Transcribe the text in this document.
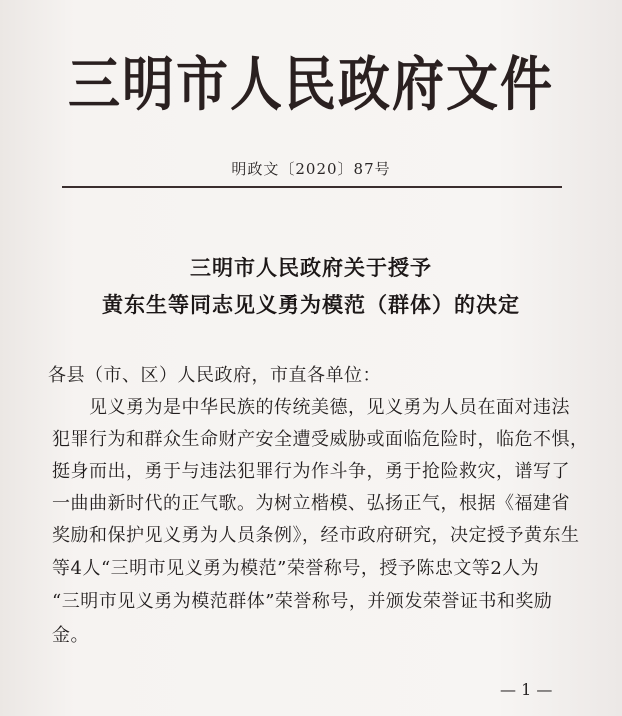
三明市人民政府文件
明政文〔2020〕87号
三明市人民政府关于授予
黄东生等同志见义勇为模范（群体）的决定
各县（市、区）人民政府，市直各单位：
　　见义勇为是中华民族的传统美德，见义勇为人员在面对违法
犯罪行为和群众生命财产安全遭受威胁或面临危险时，临危不惧，
挺身而出，勇于与违法犯罪行为作斗争，勇于抢险救灾，谱写了
一曲曲新时代的正气歌。为树立楷模、弘扬正气，根据《福建省
奖励和保护见义勇为人员条例》，经市政府研究，决定授予黄东生
等4人“三明市见义勇为模范”荣誉称号，授予陈忠文等2人为
“三明市见义勇为模范群体”荣誉称号，并颁发荣誉证书和奖励
金。
— 1 —
